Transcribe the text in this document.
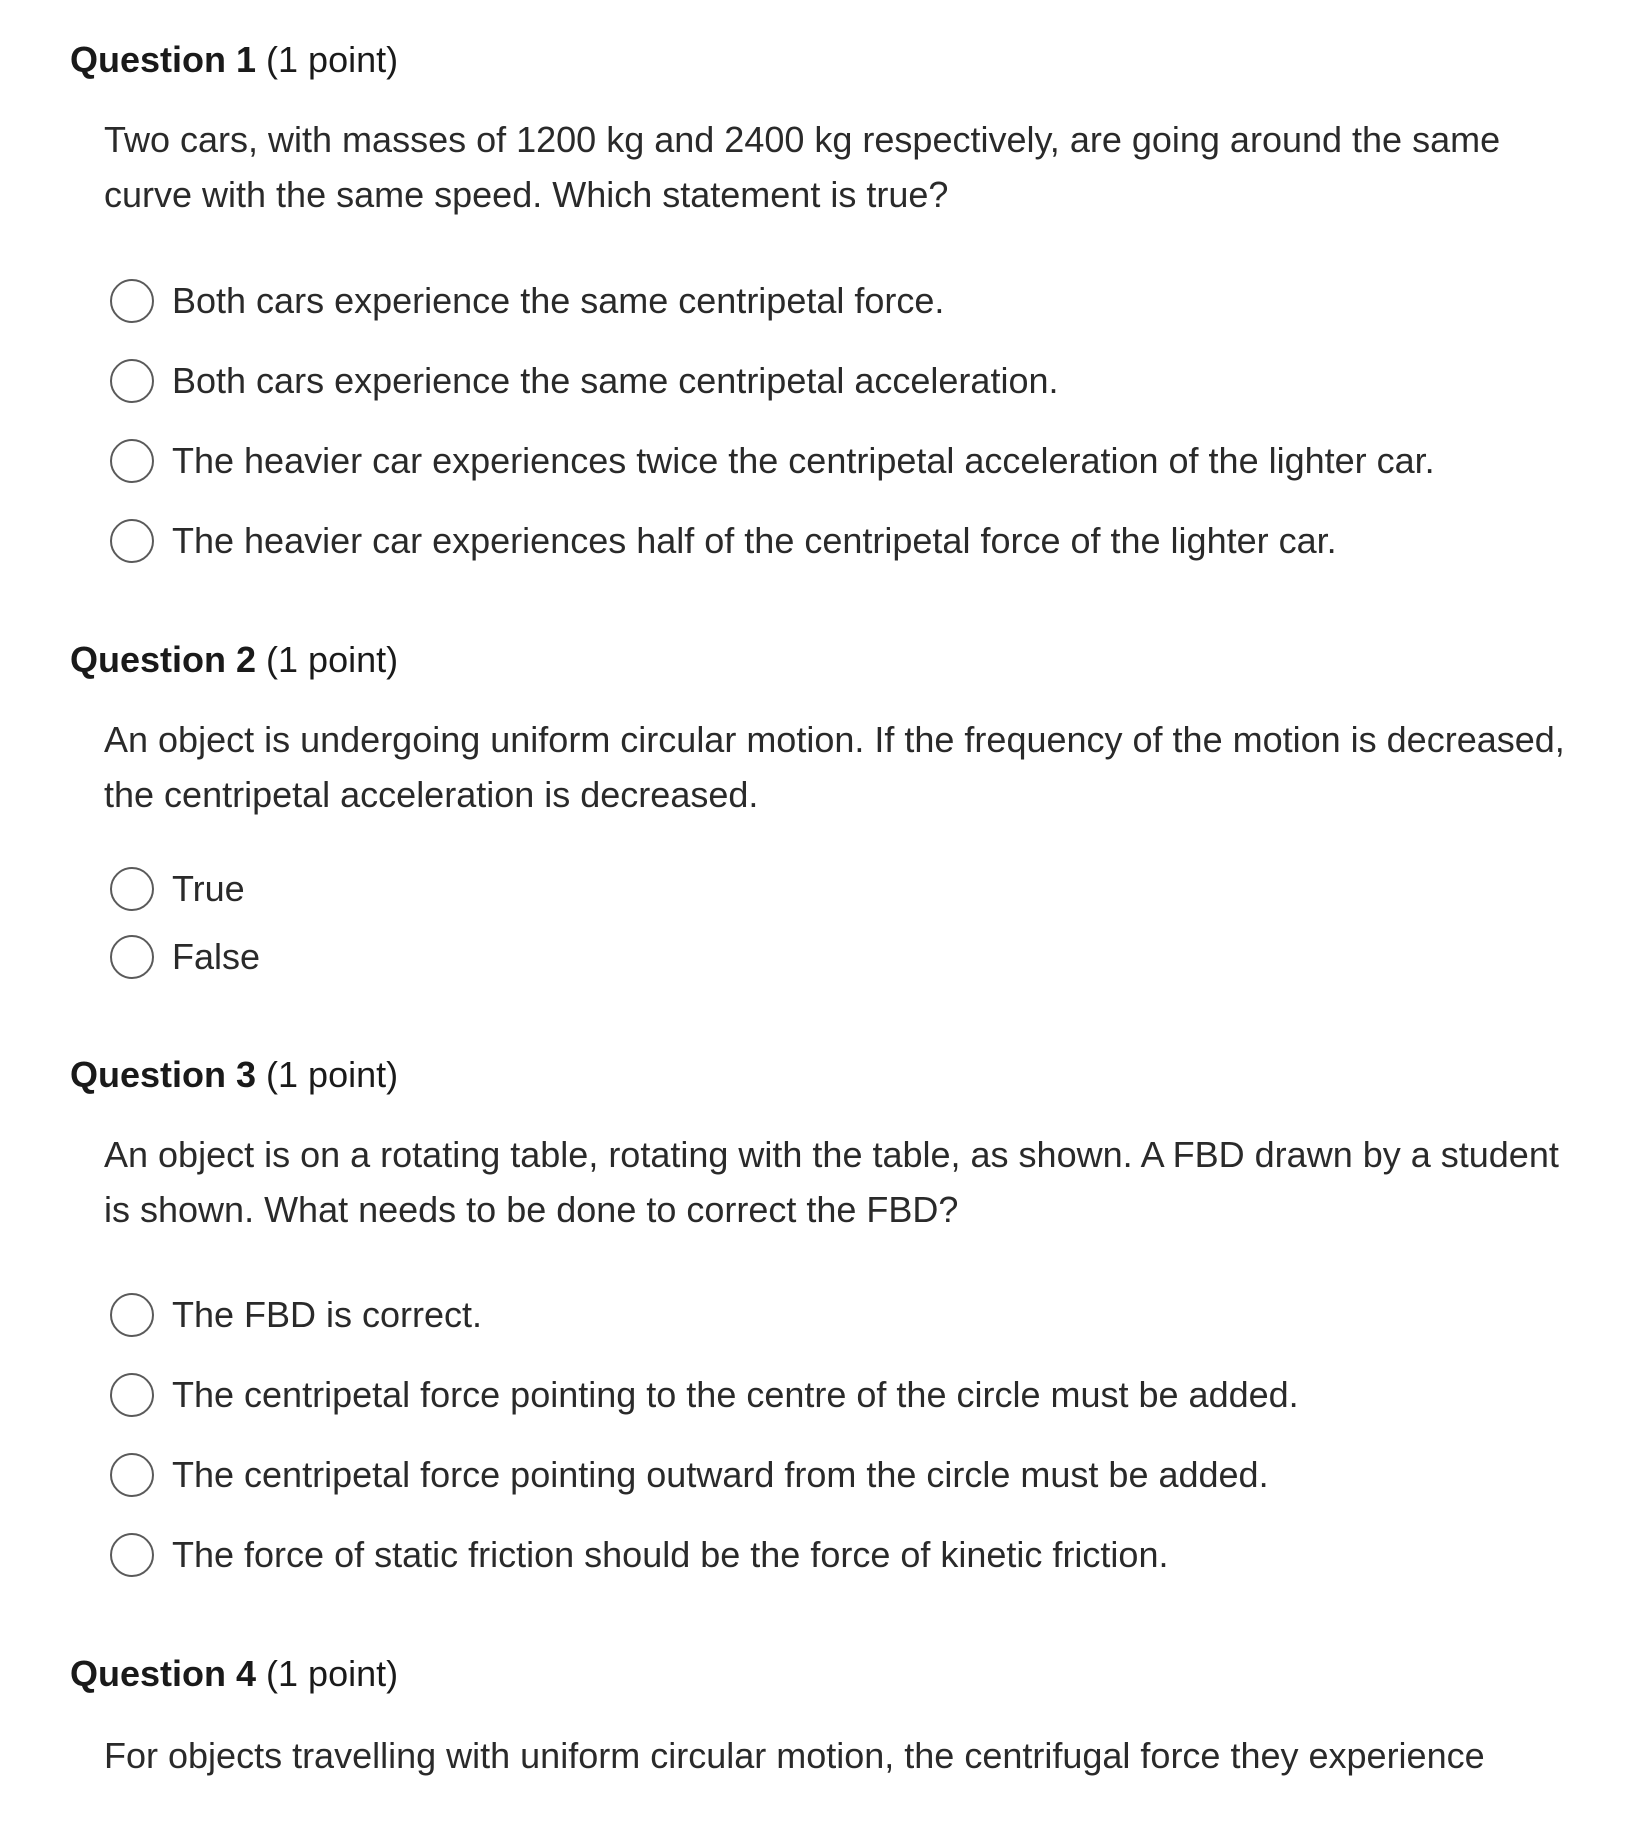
Question 1 (1 point)

Two cars, with masses of 1200 kg and 2400 kg respectively, are going around the same curve with the same speed. Which statement is true?

Both cars experience the same centripetal force.
Both cars experience the same centripetal acceleration.
The heavier car experiences twice the centripetal acceleration of the lighter car.
The heavier car experiences half of the centripetal force of the lighter car.
Question 2 (1 point)

An object is undergoing uniform circular motion. If the frequency of the motion is decreased, the centripetal acceleration is decreased.

True
False
Question 3 (1 point)

An object is on a rotating table, rotating with the table, as shown. A FBD drawn by a student is shown. What needs to be done to correct the FBD?

The FBD is correct.
The centripetal force pointing to the centre of the circle must be added.
The centripetal force pointing outward from the circle must be added.
The force of static friction should be the force of kinetic friction.
Question 4 (1 point)

For objects travelling with uniform circular motion, the centrifugal force they experience
